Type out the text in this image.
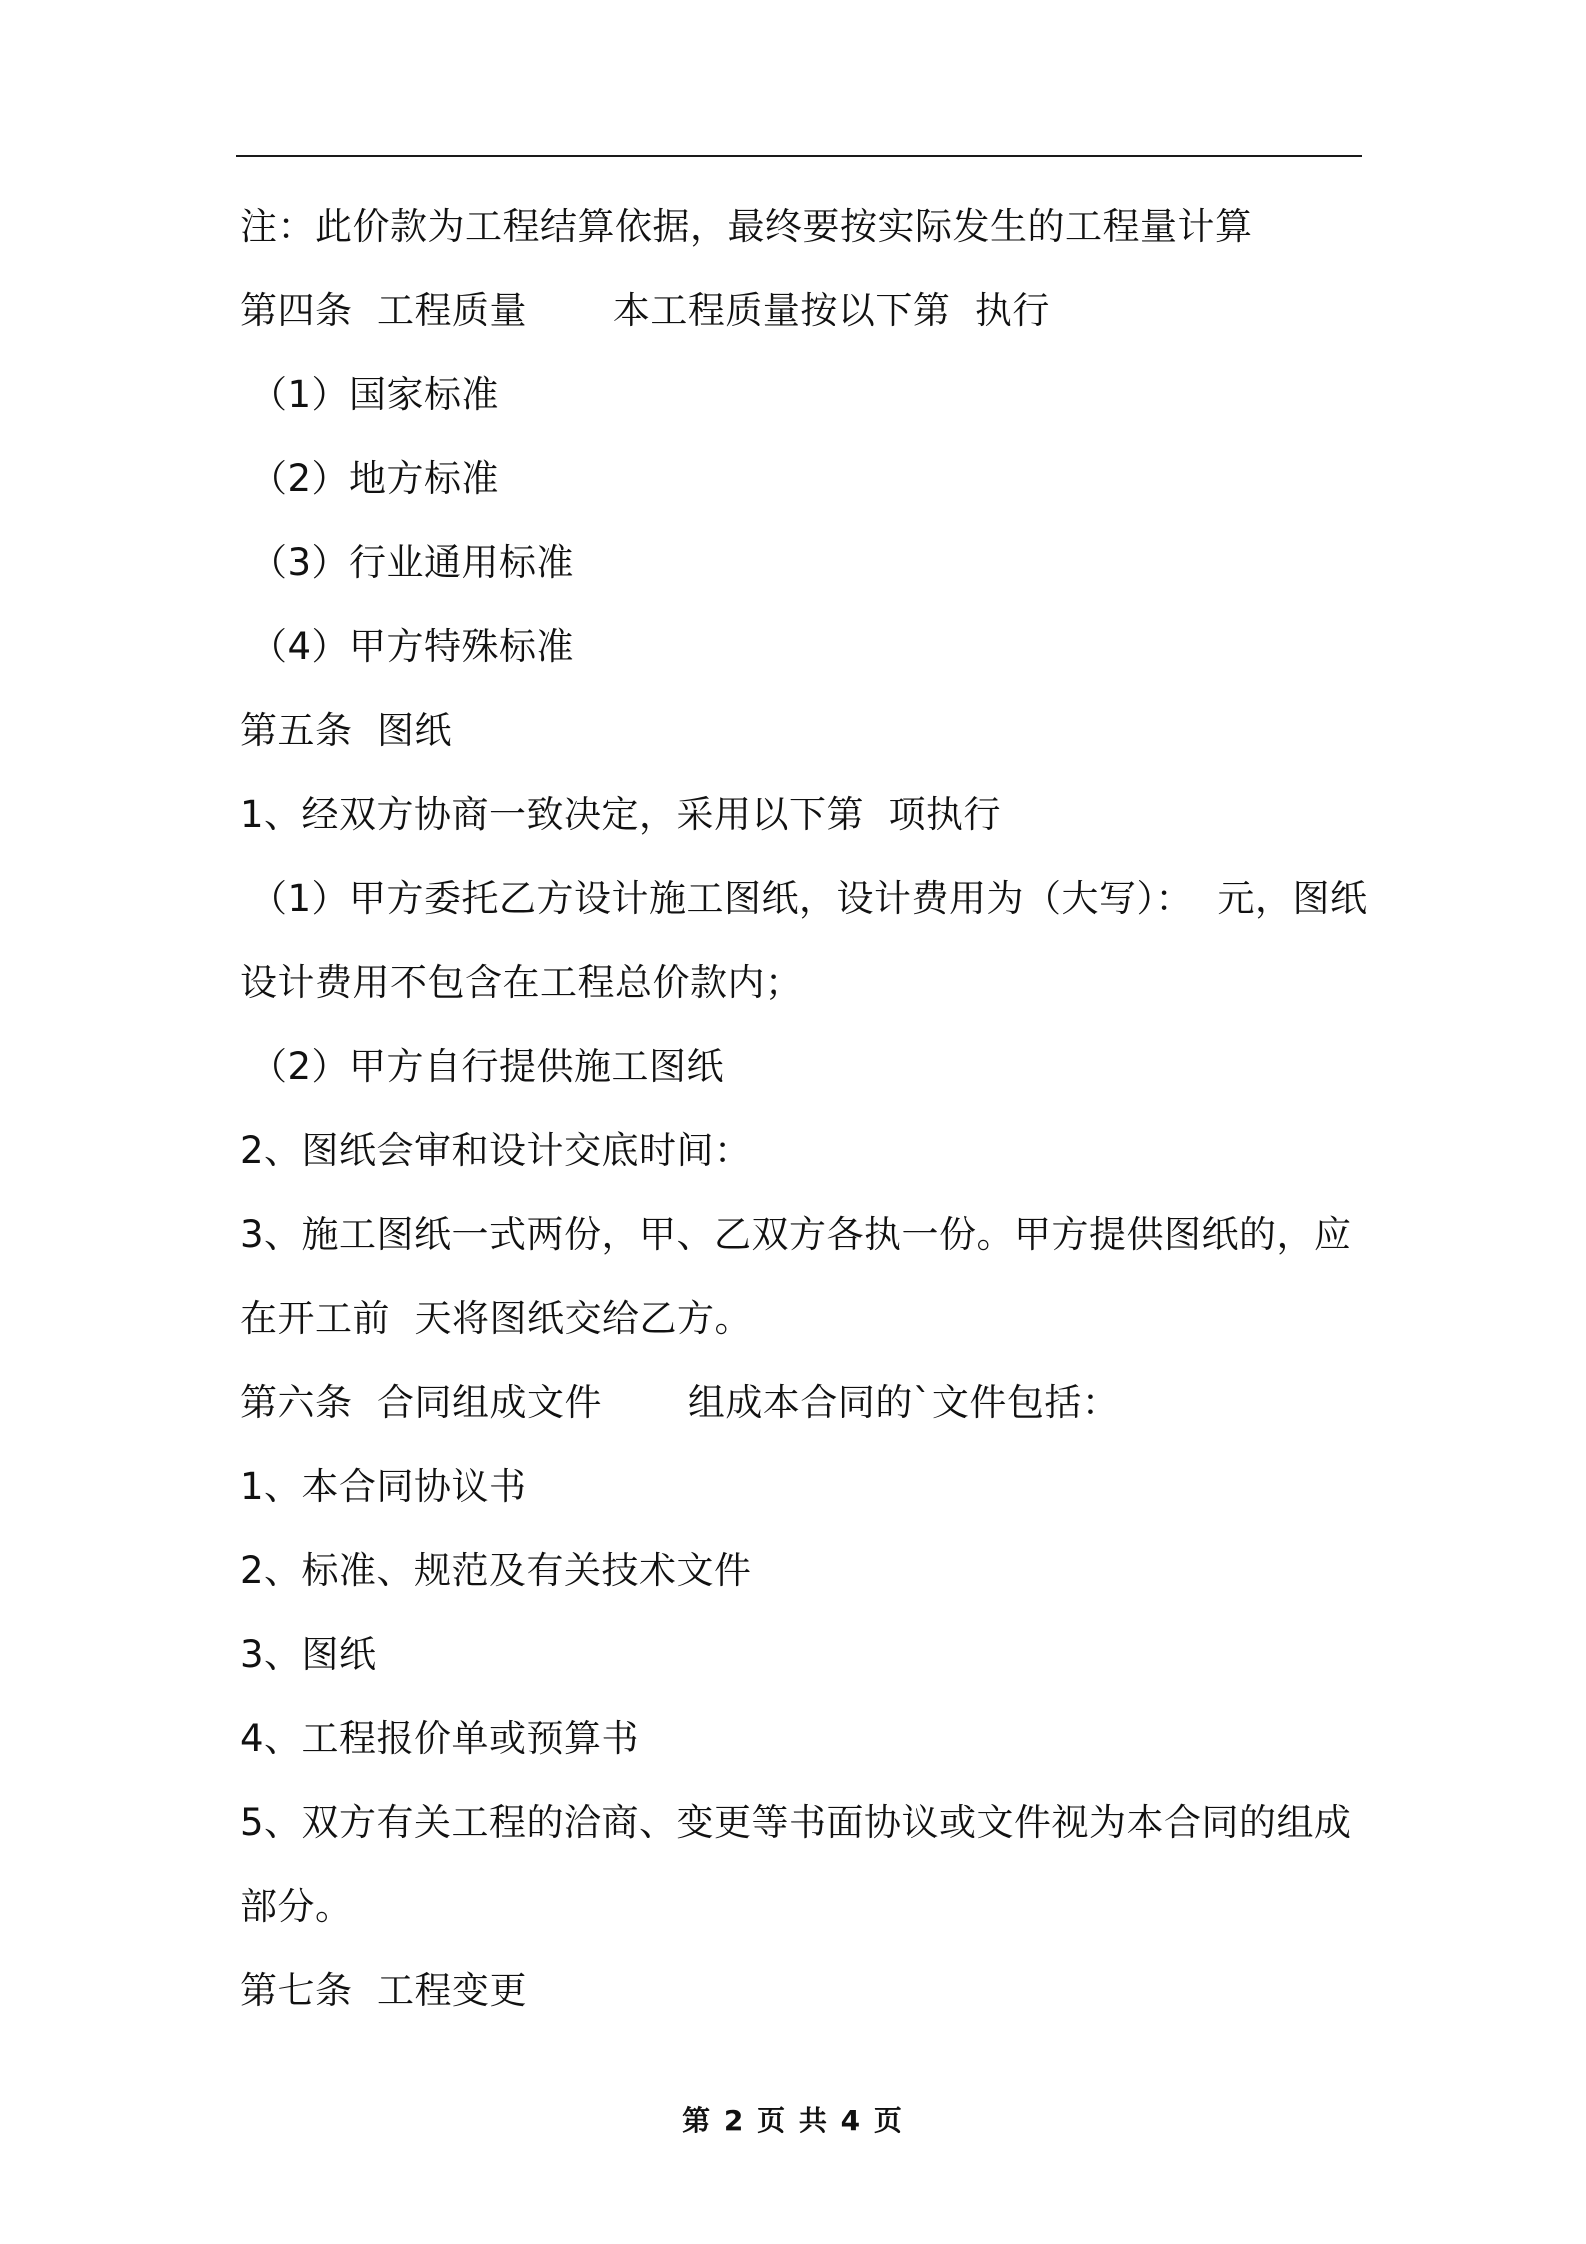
注：此价款为工程结算依据，最终要按实际发生的工程量计算
第四条  工程质量       本工程质量按以下第  执行
（1）国家标准
（2）地方标准
（3）行业通用标准
（4）甲方特殊标准
第五条  图纸
1、经双方协商一致决定，采用以下第  项执行
（1）甲方委托乙方设计施工图纸，设计费用为（大写）：  元，图纸
设计费用不包含在工程总价款内；
（2）甲方自行提供施工图纸
2、图纸会审和设计交底时间：
3、施工图纸一式两份，甲、乙双方各执一份。甲方提供图纸的，应
在开工前  天将图纸交给乙方。
第六条  合同组成文件       组成本合同的`文件包括：
1、本合同协议书
2、标准、规范及有关技术文件
3、图纸
4、工程报价单或预算书
5、双方有关工程的洽商、变更等书面协议或文件视为本合同的组成
部分。
第七条  工程变更
第 2 页 共 4 页
